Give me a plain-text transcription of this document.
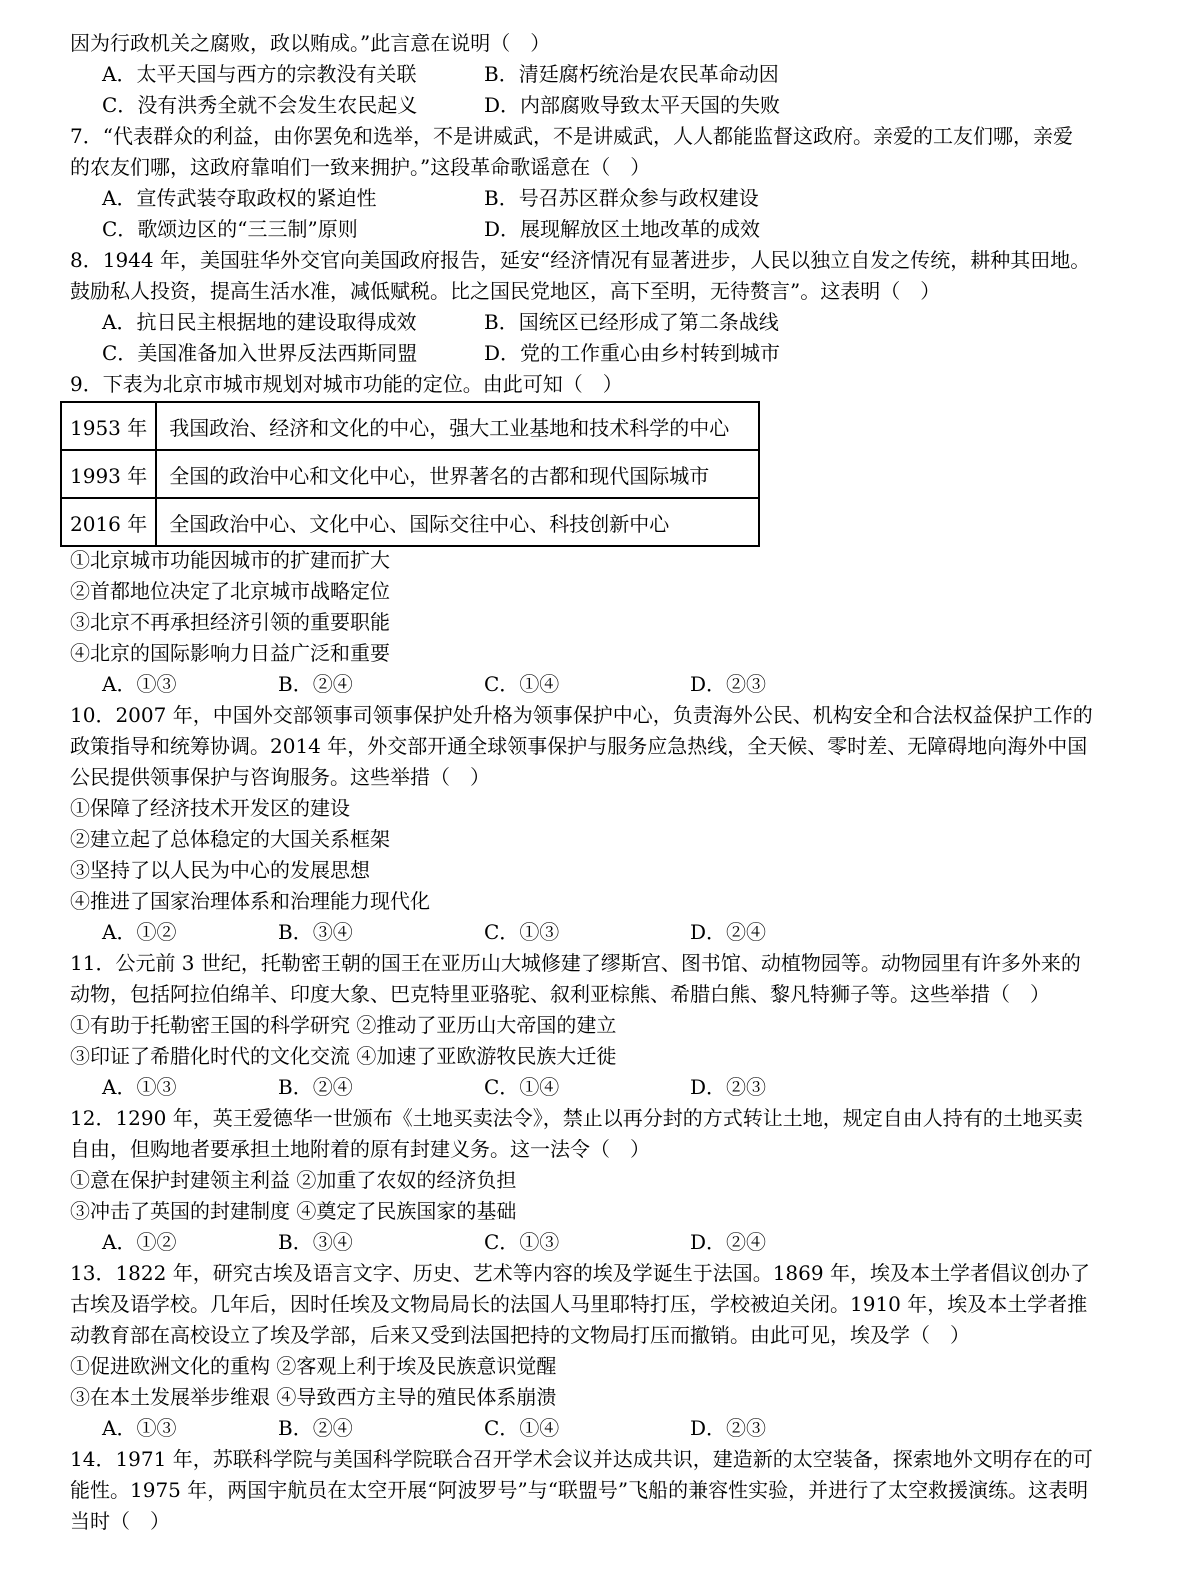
因为行政机关之腐败，政以贿成。”此言意在说明（　）
A．太平天国与西方的宗教没有关联	B．清廷腐朽统治是农民革命动因
C．没有洪秀全就不会发生农民起义	D．内部腐败导致太平天国的失败
7．“代表群众的利益，由你罢免和选举，不是讲威武，不是讲威武，人人都能监督这政府。亲爱的工友们哪，亲爱
的农友们哪，这政府靠咱们一致来拥护。”这段革命歌谣意在（　）
A．宣传武装夺取政权的紧迫性	B．号召苏区群众参与政权建设
C．歌颂边区的“三三制”原则	D．展现解放区土地改革的成效
8．1944 年，美国驻华外交官向美国政府报告，延安“经济情况有显著进步，人民以独立自发之传统，耕种其田地。
鼓励私人投资，提高生活水准，减低赋税。比之国民党地区，高下至明，无待赘言”。这表明（　）
A．抗日民主根据地的建设取得成效	B．国统区已经形成了第二条战线
C．美国准备加入世界反法西斯同盟	D．党的工作重心由乡村转到城市
9．下表为北京市城市规划对城市功能的定位。由此可知（　）
1953 年	我国政治、经济和文化的中心，强大工业基地和技术科学的中心
1993 年	全国的政治中心和文化中心，世界著名的古都和现代国际城市
2016 年	全国政治中心、文化中心、国际交往中心、科技创新中心
①北京城市功能因城市的扩建而扩大
②首都地位决定了北京城市战略定位
③北京不再承担经济引领的重要职能
④北京的国际影响力日益广泛和重要
A．①③	B．②④	C．①④	D．②③
10．2007 年，中国外交部领事司领事保护处升格为领事保护中心，负责海外公民、机构安全和合法权益保护工作的
政策指导和统筹协调。2014 年，外交部开通全球领事保护与服务应急热线，全天候、零时差、无障碍地向海外中国
公民提供领事保护与咨询服务。这些举措（　）
①保障了经济技术开发区的建设
②建立起了总体稳定的大国关系框架
③坚持了以人民为中心的发展思想
④推进了国家治理体系和治理能力现代化
A．①②	B．③④	C．①③	D．②④
11．公元前 3 世纪，托勒密王朝的国王在亚历山大城修建了缪斯宫、图书馆、动植物园等。动物园里有许多外来的
动物，包括阿拉伯绵羊、印度大象、巴克特里亚骆驼、叙利亚棕熊、希腊白熊、黎凡特狮子等。这些举措（　）
①有助于托勒密王国的科学研究 ②推动了亚历山大帝国的建立
③印证了希腊化时代的文化交流 ④加速了亚欧游牧民族大迁徙
A．①③	B．②④	C．①④	D．②③
12．1290 年，英王爱德华一世颁布《土地买卖法令》，禁止以再分封的方式转让土地，规定自由人持有的土地买卖
自由，但购地者要承担土地附着的原有封建义务。这一法令（　）
①意在保护封建领主利益 ②加重了农奴的经济负担
③冲击了英国的封建制度 ④奠定了民族国家的基础
A．①②	B．③④	C．①③	D．②④
13．1822 年，研究古埃及语言文字、历史、艺术等内容的埃及学诞生于法国。1869 年，埃及本土学者倡议创办了
古埃及语学校。几年后，因时任埃及文物局局长的法国人马里耶特打压，学校被迫关闭。1910 年，埃及本土学者推
动教育部在高校设立了埃及学部，后来又受到法国把持的文物局打压而撤销。由此可见，埃及学（　）
①促进欧洲文化的重构 ②客观上利于埃及民族意识觉醒
③在本土发展举步维艰 ④导致西方主导的殖民体系崩溃
A．①③	B．②④	C．①④	D．②③
14．1971 年，苏联科学院与美国科学院联合召开学术会议并达成共识，建造新的太空装备，探索地外文明存在的可
能性。1975 年，两国宇航员在太空开展“阿波罗号”与“联盟号”飞船的兼容性实验，并进行了太空救援演练。这表明
当时（　）
